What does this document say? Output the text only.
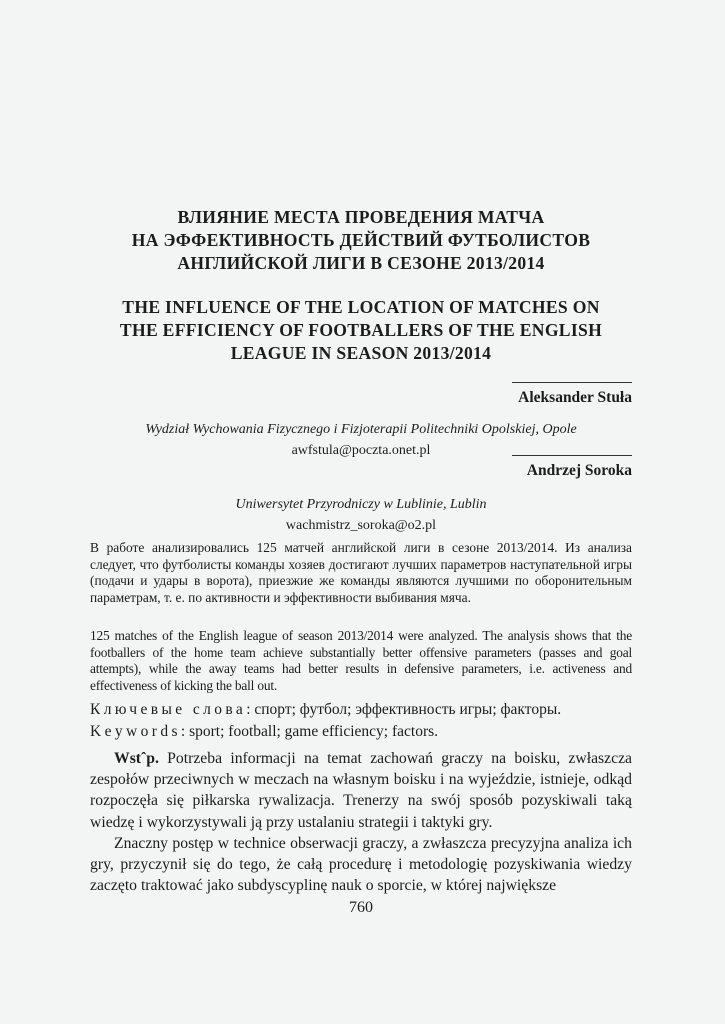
ВЛИЯНИЕ МЕСТА ПРОВЕДЕНИЯ МАТЧА
НА ЭФФЕКТИВНОСТЬ ДЕЙСТВИЙ ФУТБОЛИСТОВ
АНГЛИЙСКОЙ ЛИГИ В СЕЗОНЕ 2013/2014
THE INFLUENCE OF THE LOCATION OF MATCHES ON
THE EFFICIENCY OF FOOTBALLERS OF THE ENGLISH
LEAGUE IN SEASON 2013/2014
Aleksander Stuła
Wydział Wychowania Fizycznego i Fizjoterapii Politechniki Opolskiej, Opole
awfstula@poczta.onet.pl
Andrzej Soroka
Uniwersytet Przyrodniczy w Lublinie, Lublin
wachmistrz_soroka@o2.pl

В работе анализировались 125 матчей английской лиги в сезоне 2013/2014. Из анализа следует, что футболисты команды хозяев достигают лучших параметров наступательной игры (подачи и удары в ворота), приезжие же команды являются лучшими по оборонительным параметрам, т. е. по активности и эффективности выбивания мяча.

125 matches of the English league of season 2013/2014 were analyzed. The analysis shows that the footballers of the home team achieve substantially better offensive parameters (passes and goal attempts), while the away teams had better results in defensive parameters, i.e. activeness and effectiveness of kicking the ball out.

Ключевые слова: спорт; футбол; эффективность игры; факторы.

Keywords: sport; football; game efficiency; factors.

Wstˆp. Potrzeba informacji na temat zachowań graczy na boisku, zwłaszcza zespołów przeciwnych w meczach na własnym boisku i na wyjeździe, istnieje, odkąd rozpoczęła się piłkarska rywalizacja. Trenerzy na swój sposób pozyskiwali taką wiedzę i wykorzystywali ją przy ustalaniu strategii i taktyki gry.

Znaczny postęp w technice obserwacji graczy, a zwłaszcza precyzyjna analiza ich gry, przyczynił się do tego, że całą procedurę i metodologię pozyskiwania wiedzy zaczęto traktować jako subdyscyplinę nauk o sporcie, w której największe

760
